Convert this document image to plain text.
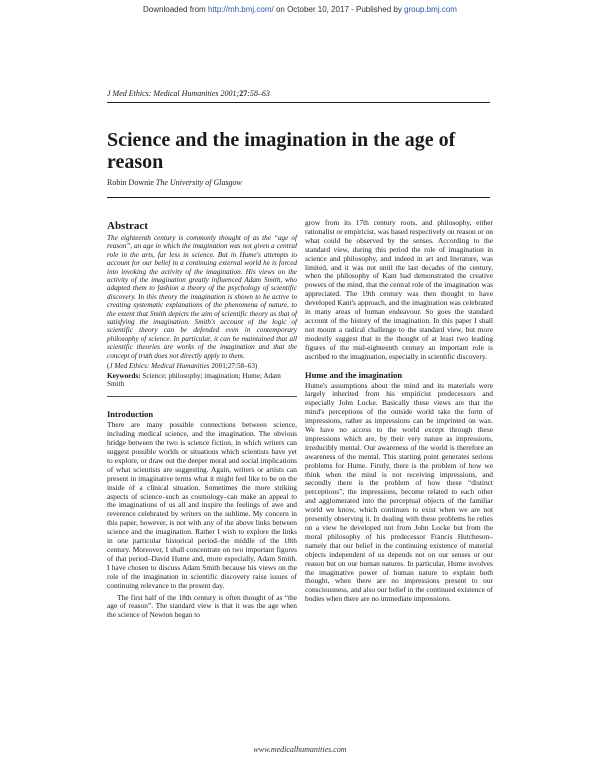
Downloaded from http://mh.bmj.com/ on October 10, 2017 - Published by group.bmj.com
J Med Ethics: Medical Humanities 2001;27:58–63
Science and the imagination in the age of reason
Robin Downie The University of Glasgow
Abstract

The eighteenth century is commonly thought of as the “age of reason”, an age in which the imagination was not given a central role in the arts, far less in science. But in Hume's attempts to account for our belief in a continuing external world he is forced into invoking the activity of the imagination. His views on the activity of the imagination greatly influenced Adam Smith, who adapted them to fashion a theory of the psychology of scientific discovery. In this theory the imagination is shown to be active in creating systematic explanations of the phenomena of nature, to the extent that Smith depicts the aim of scientific theory as that of satisfying the imagination. Smith's account of the logic of scientific theory can be defended even in contemporary philosophy of science. In particular, it can be maintained that all scientific theories are works of the imagination and that the concept of truth does not directly apply to them.

(J Med Ethics: Medical Humanities 2001;27:58–63)

Keywords: Science; philosophy; imagination; Hume; Adam Smith

Introduction

There are many possible connections between science, including medical science, and the imagination. The obvious bridge between the two is science fiction, in which writers can suggest possible worlds or situations which scientists have yet to explore, or draw out the deeper moral and social implications of what scientists are suggesting. Again, writers or artists can present in imaginative terms what it might feel like to be on the inside of a clinical situation. Sometimes the more striking aspects of science–such as cosmology–can make an appeal to the imaginations of us all and inspire the feelings of awe and reverence celebrated by writers on the sublime. My concern in this paper, however, is not with any of the above links between science and the imagination. Rather I wish to explore the links in one particular historical period–the middle of the 18th century. Moreover, I shall concentrate on two important figures of that period–David Hume and, more especially, Adam Smith. I have chosen to discuss Adam Smith because his views on the role of the imagination in scientific discovery raise issues of continuing relevance to the present day.

The first half of the 18th century is often thought of as “the age of reason”. The standard view is that it was the age when the science of Newton began to

grow from its 17th century roots, and philosophy, either rationalist or empiricist, was based respectively on reason or on what could be observed by the senses. According to the standard view, during this period the role of imagination in science and philosophy, and indeed in art and literature, was limited, and it was not until the last decades of the century, when the philosophy of Kant had demonstrated the creative powers of the mind, that the central role of the imagination was appreciated. The 19th century was then thought to have developed Kant's approach, and the imagination was celebrated in many areas of human endeavour. So goes the standard account of the history of the imagination. In this paper I shall not mount a radical challenge to the standard view, but more modestly suggest that in the thought of at least two leading figures of the mid-eighteenth century an important role is ascribed to the imagination, especially in scientific discovery.

Hume and the imagination

Hume's assumptions about the mind and its materials were largely inherited from his empiricist predecessors and especially John Locke. Basically these views are that the mind's perceptions of the outside world take the form of impressions, rather as impressions can be imprinted on wax. We have no access to the world except through these impressions which are, by their very nature as impressions, irreducibly mental. Our awareness of the world is therefore an awareness of the mental. This starting point generates serious problems for Hume. Firstly, there is the problem of how we think when the mind is not receiving impressions, and secondly there is the problem of how these “distinct perceptions”, the impressions, become related to each other and agglomerated into the perceptual objects of the familiar world we know, which continues to exist when we are not presently observing it. In dealing with these problems he relies on a view he developed not from John Locke but from the moral philosophy of his predecessor Francis Hutcheson–namely that our belief in the continuing existence of material objects independent of us depends not on our senses or our reason but on our human natures. In particular, Hume involves the imaginative power of human nature to explain both thought, when there are no impressions present to our consciousness, and also our belief in the continued existence of bodies when there are no immediate impressions.

www.medicalhumanities.com
